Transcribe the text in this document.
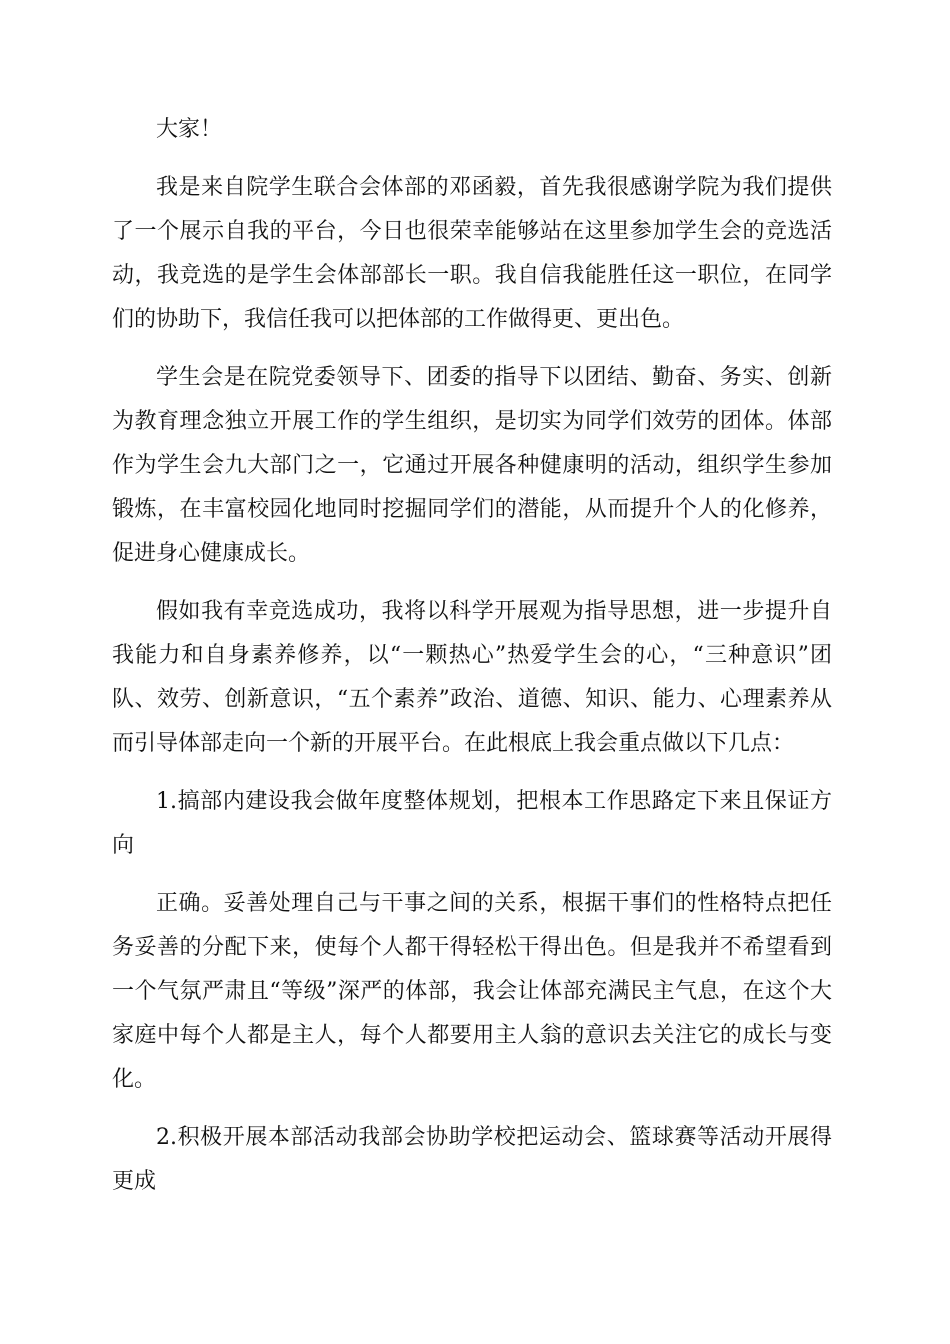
大家！

我是来自院学生联合会体部的邓函毅，首先我很感谢学院为我们提供了一个展示自我的平台，今日也很荣幸能够站在这里参加学生会的竞选活动，我竞选的是学生会体部部长一职。我自信我能胜任这一职位，在同学们的协助下，我信任我可以把体部的工作做得更、更出色。

学生会是在院党委领导下、团委的指导下以团结、勤奋、务实、创新为教育理念独立开展工作的学生组织，是切实为同学们效劳的团体。体部作为学生会九大部门之一，它通过开展各种健康明的活动，组织学生参加锻炼，在丰富校园化地同时挖掘同学们的潜能，从而提升个人的化修养，促进身心健康成长。

假如我有幸竞选成功，我将以科学开展观为指导思想，进一步提升自我能力和自身素养修养，以“一颗热心”热爱学生会的心，“三种意识”团队、效劳、创新意识，“五个素养”政治、道德、知识、能力、心理素养从而引导体部走向一个新的开展平台。在此根底上我会重点做以下几点：

1.搞部内建设我会做年度整体规划，把根本工作思路定下来且保证方向

正确。妥善处理自己与干事之间的关系，根据干事们的性格特点把任务妥善的分配下来，使每个人都干得轻松干得出色。但是我并不希望看到一个气氛严肃且“等级”深严的体部，我会让体部充满民主气息，在这个大家庭中每个人都是主人，每个人都要用主人翁的意识去关注它的成长与变化。

2.积极开展本部活动我部会协助学校把运动会、篮球赛等活动开展得更成
